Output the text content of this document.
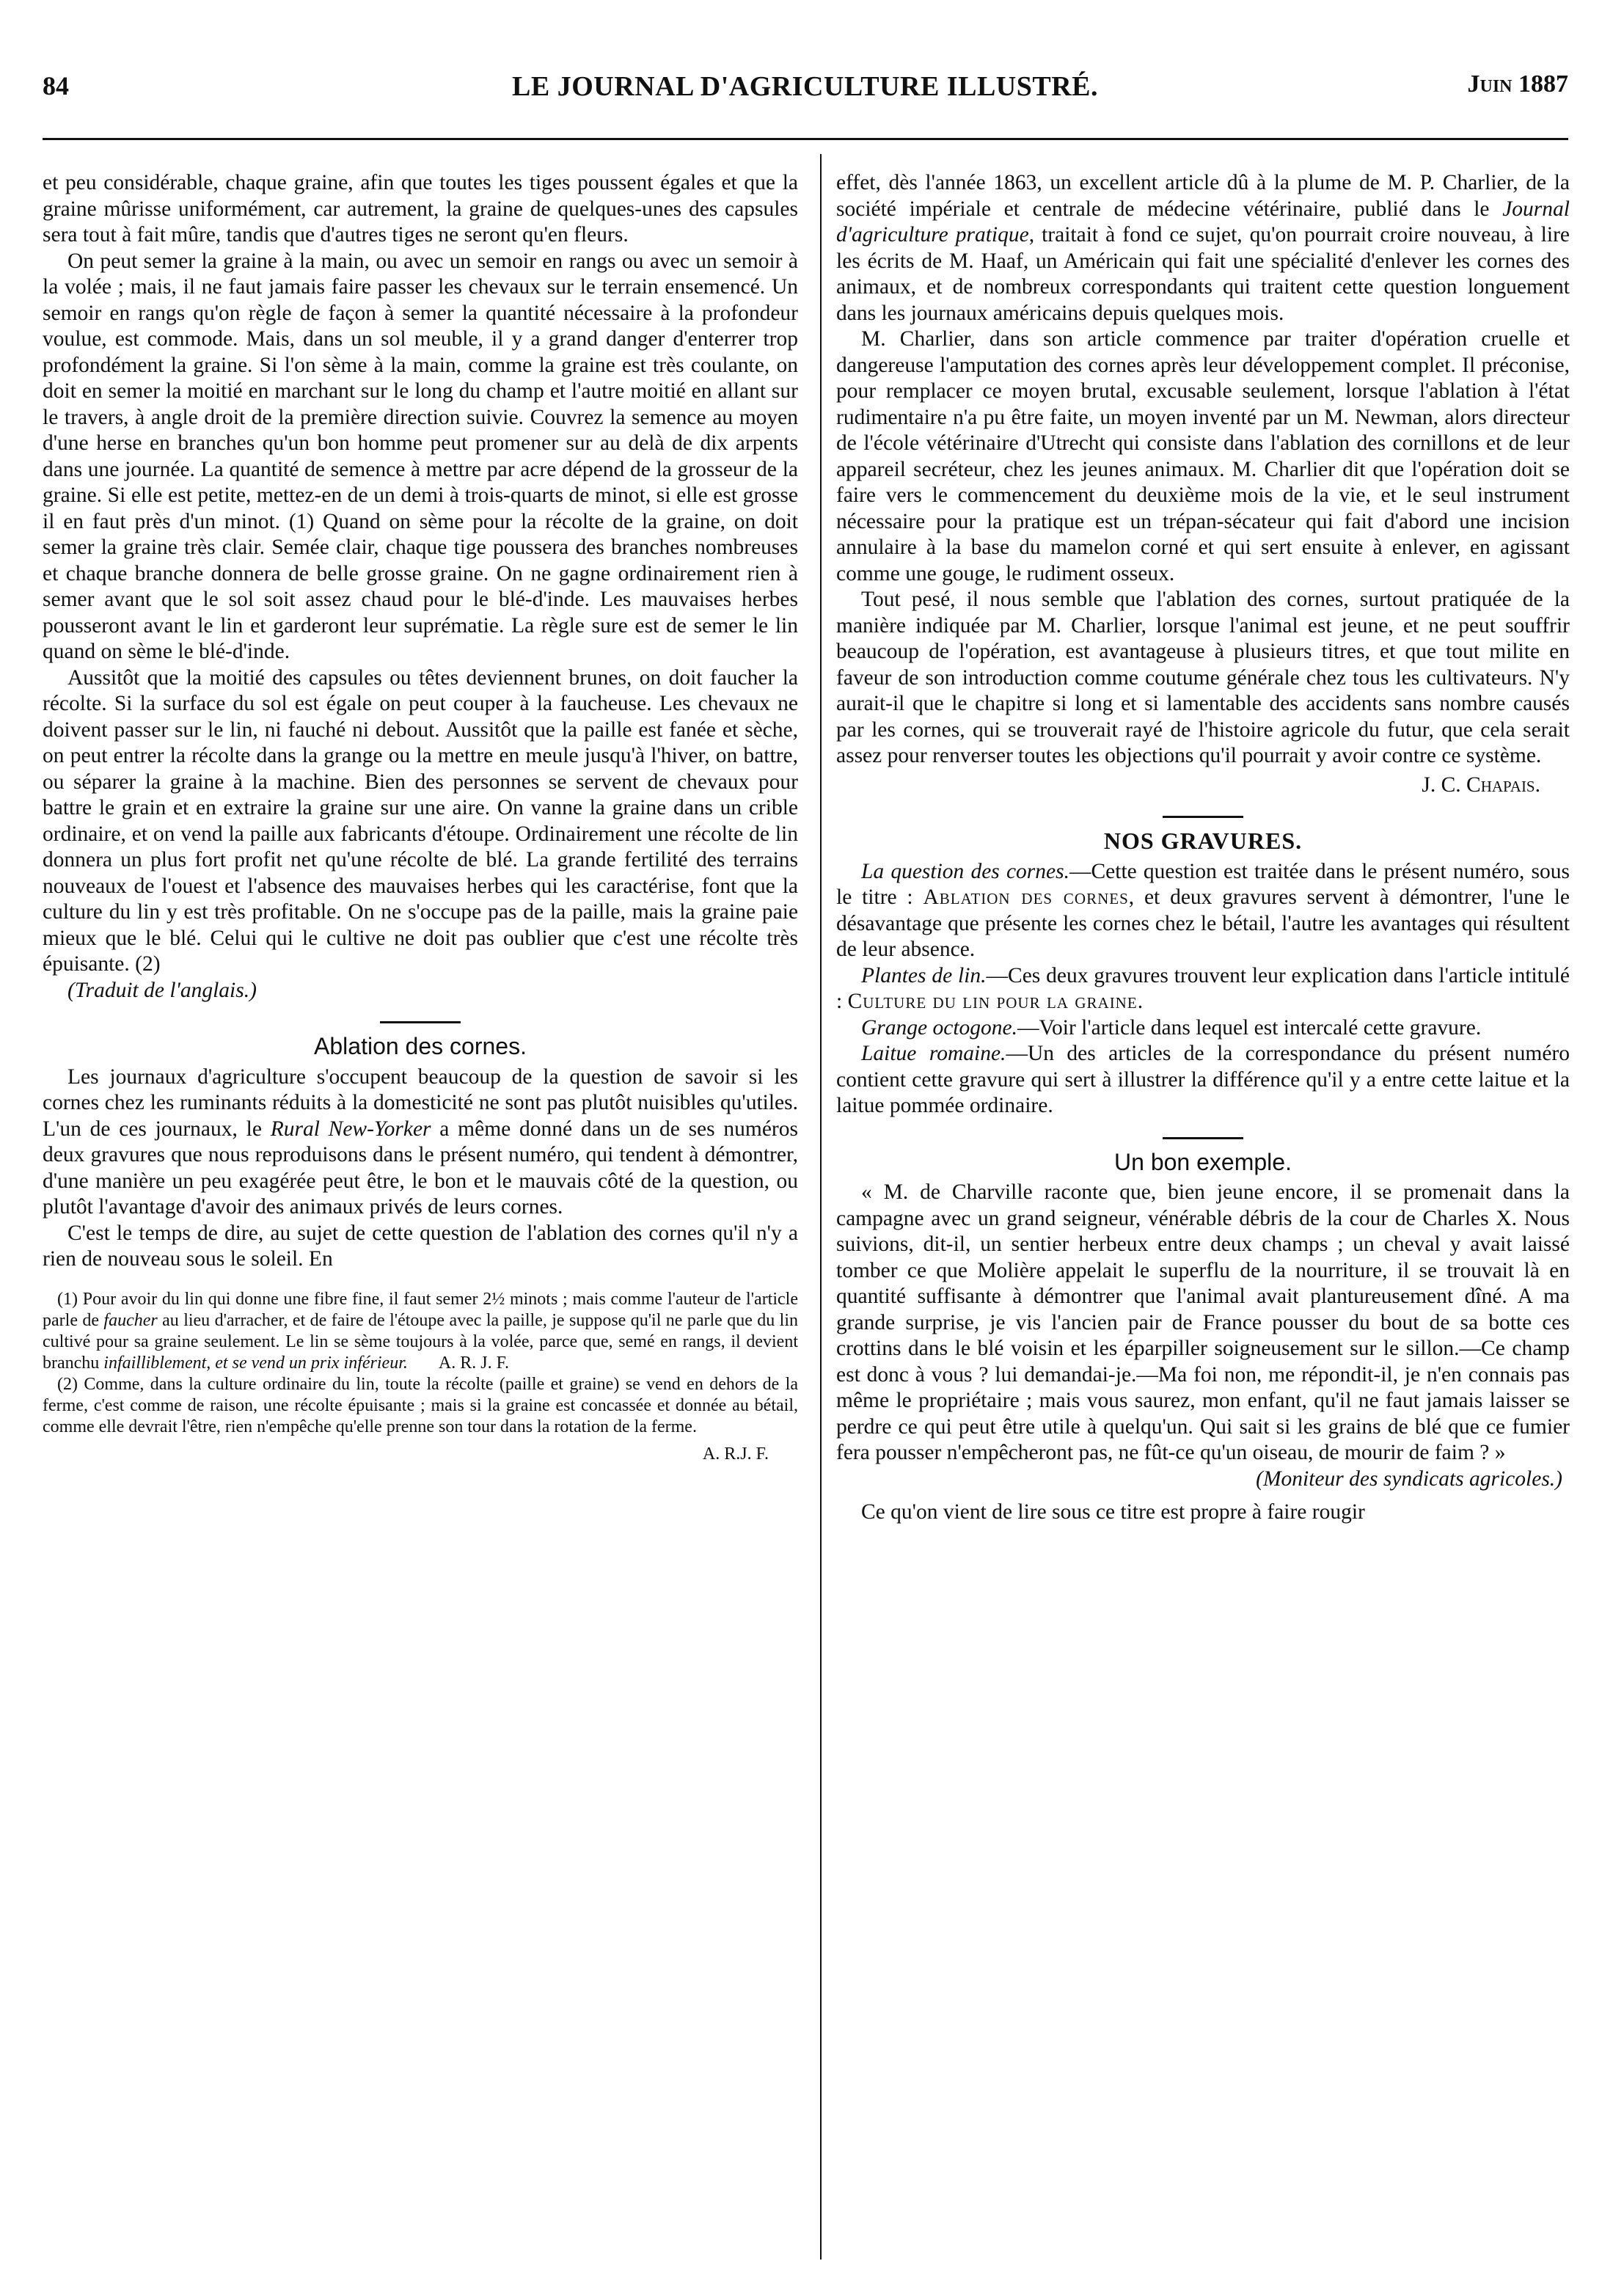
84	LE JOURNAL D'AGRICULTURE ILLUSTRÉ.	Juin 1887

et peu considérable, chaque graine, afin que toutes les tiges poussent égales et que la graine mûrisse uniformément, car autrement, la graine de quelques-unes des capsules sera tout à fait mûre, tandis que d'autres tiges ne seront qu'en fleurs.

On peut semer la graine à la main, ou avec un semoir en rangs ou avec un semoir à la volée ; mais, il ne faut jamais faire passer les chevaux sur le terrain ensemencé. Un semoir en rangs qu'on règle de façon à semer la quantité nécessaire à la profondeur voulue, est commode. Mais, dans un sol meuble, il y a grand danger d'enterrer trop profondément la graine. Si l'on sème à la main, comme la graine est très coulante, on doit en semer la moitié en marchant sur le long du champ et l'autre moitié en allant sur le travers, à angle droit de la première direction suivie. Couvrez la semence au moyen d'une herse en branches qu'un bon homme peut promener sur au delà de dix arpents dans une journée. La quantité de semence à mettre par acre dépend de la grosseur de la graine. Si elle est petite, mettez-en de un demi à trois-quarts de minot, si elle est grosse il en faut près d'un minot. (1) Quand on sème pour la récolte de la graine, on doit semer la graine très clair. Semée clair, chaque tige poussera des branches nombreuses et chaque branche donnera de belle grosse graine. On ne gagne ordinairement rien à semer avant que le sol soit assez chaud pour le blé-d'inde. Les mauvaises herbes pousseront avant le lin et garderont leur suprématie. La règle sure est de semer le lin quand on sème le blé-d'inde.

Aussitôt que la moitié des capsules ou têtes deviennent brunes, on doit faucher la récolte. Si la surface du sol est égale on peut couper à la faucheuse. Les chevaux ne doivent passer sur le lin, ni fauché ni debout. Aussitôt que la paille est fanée et sèche, on peut entrer la récolte dans la grange ou la mettre en meule jusqu'à l'hiver, on battre, ou séparer la graine à la machine. Bien des personnes se servent de chevaux pour battre le grain et en extraire la graine sur une aire. On vanne la graine dans un crible ordinaire, et on vend la paille aux fabricants d'étoupe. Ordinairement une récolte de lin donnera un plus fort profit net qu'une récolte de blé. La grande fertilité des terrains nouveaux de l'ouest et l'absence des mauvaises herbes qui les caractérise, font que la culture du lin y est très profitable. On ne s'occupe pas de la paille, mais la graine paie mieux que le blé. Celui qui le cultive ne doit pas oublier que c'est une récolte très épuisante. (2)

(Traduit de l'anglais.)

Ablation des cornes.

Les journaux d'agriculture s'occupent beaucoup de la question de savoir si les cornes chez les ruminants réduits à la domesticité ne sont pas plutôt nuisibles qu'utiles. L'un de ces journaux, le Rural New-Yorker a même donné dans un de ses numéros deux gravures que nous reproduisons dans le présent numéro, qui tendent à démontrer, d'une manière un peu exagérée peut être, le bon et le mauvais côté de la question, ou plutôt l'avantage d'avoir des animaux privés de leurs cornes.

C'est le temps de dire, au sujet de cette question de l'ablation des cornes qu'il n'y a rien de nouveau sous le soleil. En

(1) Pour avoir du lin qui donne une fibre fine, il faut semer 2½ minots ; mais comme l'auteur de l'article parle de faucher au lieu d'arracher, et de faire de l'étoupe avec la paille, je suppose qu'il ne parle que du lin cultivé pour sa graine seulement. Le lin se sème toujours à la volée, parce que, semé en rangs, il devient branchu infailliblement, et se vend un prix inférieur. A. R. J. F.

(2) Comme, dans la culture ordinaire du lin, toute la récolte (paille et graine) se vend en dehors de la ferme, c'est comme de raison, une récolte épuisante ; mais si la graine est concassée et donnée au bétail, comme elle devrait l'être, rien n'empêche qu'elle prenne son tour dans la rotation de la ferme.

A. R.J. F.

effet, dès l'année 1863, un excellent article dû à la plume de M. P. Charlier, de la société impériale et centrale de médecine vétérinaire, publié dans le Journal d'agriculture pratique, traitait à fond ce sujet, qu'on pourrait croire nouveau, à lire les écrits de M. Haaf, un Américain qui fait une spécialité d'enlever les cornes des animaux, et de nombreux correspondants qui traitent cette question longuement dans les journaux américains depuis quelques mois.

M. Charlier, dans son article commence par traiter d'opération cruelle et dangereuse l'amputation des cornes après leur développement complet. Il préconise, pour remplacer ce moyen brutal, excusable seulement, lorsque l'ablation à l'état rudimentaire n'a pu être faite, un moyen inventé par un M. Newman, alors directeur de l'école vétérinaire d'Utrecht qui consiste dans l'ablation des cornillons et de leur appareil secréteur, chez les jeunes animaux. M. Charlier dit que l'opération doit se faire vers le commencement du deuxième mois de la vie, et le seul instrument nécessaire pour la pratique est un trépan-sécateur qui fait d'abord une incision annulaire à la base du mamelon corné et qui sert ensuite à enlever, en agissant comme une gouge, le rudiment osseux.

Tout pesé, il nous semble que l'ablation des cornes, surtout pratiquée de la manière indiquée par M. Charlier, lorsque l'animal est jeune, et ne peut souffrir beaucoup de l'opération, est avantageuse à plusieurs titres, et que tout milite en faveur de son introduction comme coutume générale chez tous les cultivateurs. N'y aurait-il que le chapitre si long et si lamentable des accidents sans nombre causés par les cornes, qui se trouverait rayé de l'histoire agricole du futur, que cela serait assez pour renverser toutes les objections qu'il pourrait y avoir contre ce système.

J. C. Chapais.
NOS GRAVURES.

La question des cornes.—Cette question est traitée dans le présent numéro, sous le titre : Ablation des cornes, et deux gravures servent à démontrer, l'une le désavantage que présente les cornes chez le bétail, l'autre les avantages qui résultent de leur absence.

Plantes de lin.—Ces deux gravures trouvent leur explication dans l'article intitulé : Culture du lin pour la graine.

Grange octogone.—Voir l'article dans lequel est intercalé cette gravure.

Laitue romaine.—Un des articles de la correspondance du présent numéro contient cette gravure qui sert à illustrer la différence qu'il y a entre cette laitue et la laitue pommée ordinaire.

Un bon exemple.

« M. de Charville raconte que, bien jeune encore, il se promenait dans la campagne avec un grand seigneur, vénérable débris de la cour de Charles X. Nous suivions, dit-il, un sentier herbeux entre deux champs ; un cheval y avait laissé tomber ce que Molière appelait le superflu de la nourriture, il se trouvait là en quantité suffisante à démontrer que l'animal avait plantureusement dîné. A ma grande surprise, je vis l'ancien pair de France pousser du bout de sa botte ces crottins dans le blé voisin et les éparpiller soigneusement sur le sillon.—Ce champ est donc à vous ? lui demandai-je.—Ma foi non, me répondit-il, je n'en connais pas même le propriétaire ; mais vous saurez, mon enfant, qu'il ne faut jamais laisser se perdre ce qui peut être utile à quelqu'un. Qui sait si les grains de blé que ce fumier fera pousser n'empêcheront pas, ne fût-ce qu'un oiseau, de mourir de faim ? »

(Moniteur des syndicats agricoles.)

Ce qu'on vient de lire sous ce titre est propre à faire rougir
